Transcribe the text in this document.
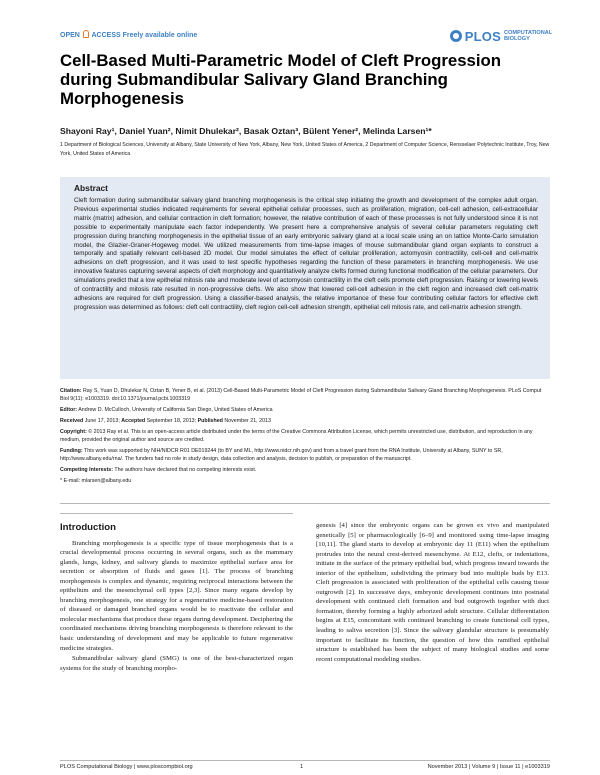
OPEN ACCESS Freely available online	PLOS COMPUTATIONAL BIOLOGY
Cell-Based Multi-Parametric Model of Cleft Progression during Submandibular Salivary Gland Branching Morphogenesis
Shayoni Ray¹, Daniel Yuan², Nimit Dhulekar², Basak Oztan³, Bülent Yener², Melinda Larsen¹*
1 Department of Biological Sciences, University at Albany, State University of New York, Albany, New York, United States of America, 2 Department of Computer Science, Rensselaer Polytechnic Institute, Troy, New York, United States of America
Abstract
Cleft formation during submandibular salivary gland branching morphogenesis is the critical step initiating the growth and development of the complex adult organ. Previous experimental studies indicated requirements for several epithelial cellular processes, such as proliferation, migration, cell-cell adhesion, cell-extracellular matrix (matrix) adhesion, and cellular contraction in cleft formation; however, the relative contribution of each of these processes is not fully understood since it is not possible to experimentally manipulate each factor independently. We present here a comprehensive analysis of several cellular parameters regulating cleft progression during branching morphogenesis in the epithelial tissue of an early embryonic salivary gland at a local scale using an on lattice Monte-Carlo simulation model, the Glazier-Graner-Hogeweg model. We utilized measurements from time-lapse images of mouse submandibular gland organ explants to construct a temporally and spatially relevant cell-based 2D model. Our model simulates the effect of cellular proliferation, actomyosin contractility, cell-cell and cell-matrix adhesions on cleft progression, and it was used to test specific hypotheses regarding the function of these parameters in branching morphogenesis. We use innovative features capturing several aspects of cleft morphology and quantitatively analyze clefts formed during functional modification of the cellular parameters. Our simulations predict that a low epithelial mitosis rate and moderate level of actomyosin contractility in the cleft cells promote cleft progression. Raising or lowering levels of contractility and mitosis rate resulted in non-progressive clefts. We also show that lowered cell-cell adhesion in the cleft region and increased cleft cell-matrix adhesions are required for cleft progression. Using a classifier-based analysis, the relative importance of these four contributing cellular factors for effective cleft progression was determined as follows: cleft cell contractility, cleft region cell-cell adhesion strength, epithelial cell mitosis rate, and cell-matrix adhesion strength.

Citation: Ray S, Yuan D, Dhulekar N, Oztan B, Yener B, et al. (2013) Cell-Based Multi-Parametric Model of Cleft Progression during Submandibular Salivary Gland Branching Morphogenesis. PLoS Comput Biol 9(11): e1003319. doi:10.1371/journal.pcbi.1003319

Editor: Andrew D. McCulloch, University of California San Diego, United States of America

Received June 17, 2013; Accepted September 18, 2013; Published November 21, 2013

Copyright: © 2013 Ray et al. This is an open-access article distributed under the terms of the Creative Commons Attribution License, which permits unrestricted use, distribution, and reproduction in any medium, provided the original author and source are credited.

Funding: This work was supported by NIH/NIDCR R01 DE019244 (to BY and ML, http://www.nidcr.nih.gov) and from a travel grant from the RNA Institute, University at Albany, SUNY to SR, http://www.albany.edu/rna/. The funders had no role in study design, data collection and analysis, decision to publish, or preparation of the manuscript.

Competing Interests: The authors have declared that no competing interests exist.

* E-mail: mlarsen@albany.edu

Introduction

Branching morphogenesis is a specific type of tissue morphogenesis that is a crucial developmental process occurring in several organs, such as the mammary glands, lungs, kidney, and salivary glands to maximize epithelial surface area for secretion or absorption of fluids and gases [1]. The process of branching morphogenesis is complex and dynamic, requiring reciprocal interactions between the epithelium and the mesenchymal cell types [2,3]. Since many organs develop by branching morphogenesis, one strategy for a regenerative medicine-based restoration of diseased or damaged branched organs would be to reactivate the cellular and molecular mechanisms that produce these organs during development. Deciphering the coordinated mechanisms driving branching morphogenesis is therefore relevant to the basic understanding of development and may be applicable to future regenerative medicine strategies.

Submandibular salivary gland (SMG) is one of the best-characterized organ systems for the study of branching morpho-

genesis [4] since the embryonic organs can be grown ex vivo and manipulated genetically [5] or pharmacologically [6–9] and monitored using time-lapse imaging [10,11]. The gland starts to develop at embryonic day 11 (E11) when the epithelium protrudes into the neural crest-derived mesenchyme. At E12, clefts, or indentations, initiate in the surface of the primary epithelial bud, which progress inward towards the interior of the epithelium, subdividing the primary bud into multiple buds by E13. Cleft progression is associated with proliferation of the epithelial cells causing tissue outgrowth [2]. In successive days, embryonic development continues into postnatal development with continued cleft formation and bud outgrowth together with duct formation, thereby forming a highly arborized adult structure. Cellular differentiation begins at E15, concomitant with continued branching to create functional cell types, leading to saliva secretion [3]. Since the salivary glandular structure is presumably important to facilitate its function, the question of how this ramified epithelial structure is established has been the subject of many biological studies and some recent computational modeling studies.

PLOS Computational Biology | www.ploscompbiol.org	1	November 2013 | Volume 9 | Issue 11 | e1003319
